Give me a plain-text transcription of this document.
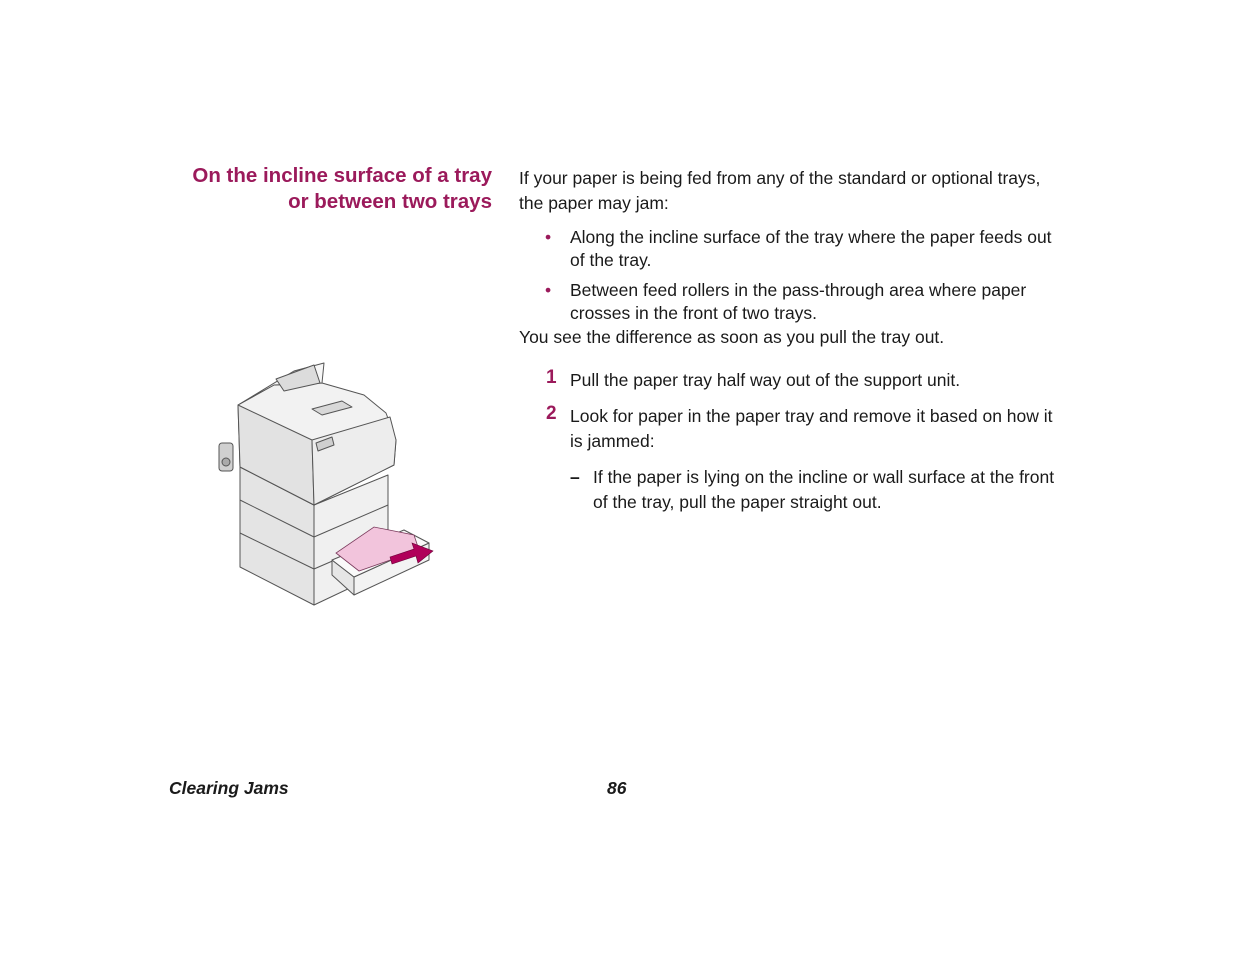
On the incline surface of a tray
or between two trays
If your paper is being fed from any of the standard or optional trays,
the paper may jam:
• Along the incline surface of the tray where the paper feeds out
of the tray.
• Between feed rollers in the pass-through area where paper
crosses in the front of two trays.
You see the difference as soon as you pull the tray out.
1 Pull the paper tray half way out of the support unit.
2 Look for paper in the paper tray and remove it based on how it
is jammed:
– If the paper is lying on the incline or wall surface at the front
of the tray, pull the paper straight out.
Clearing Jams	86
